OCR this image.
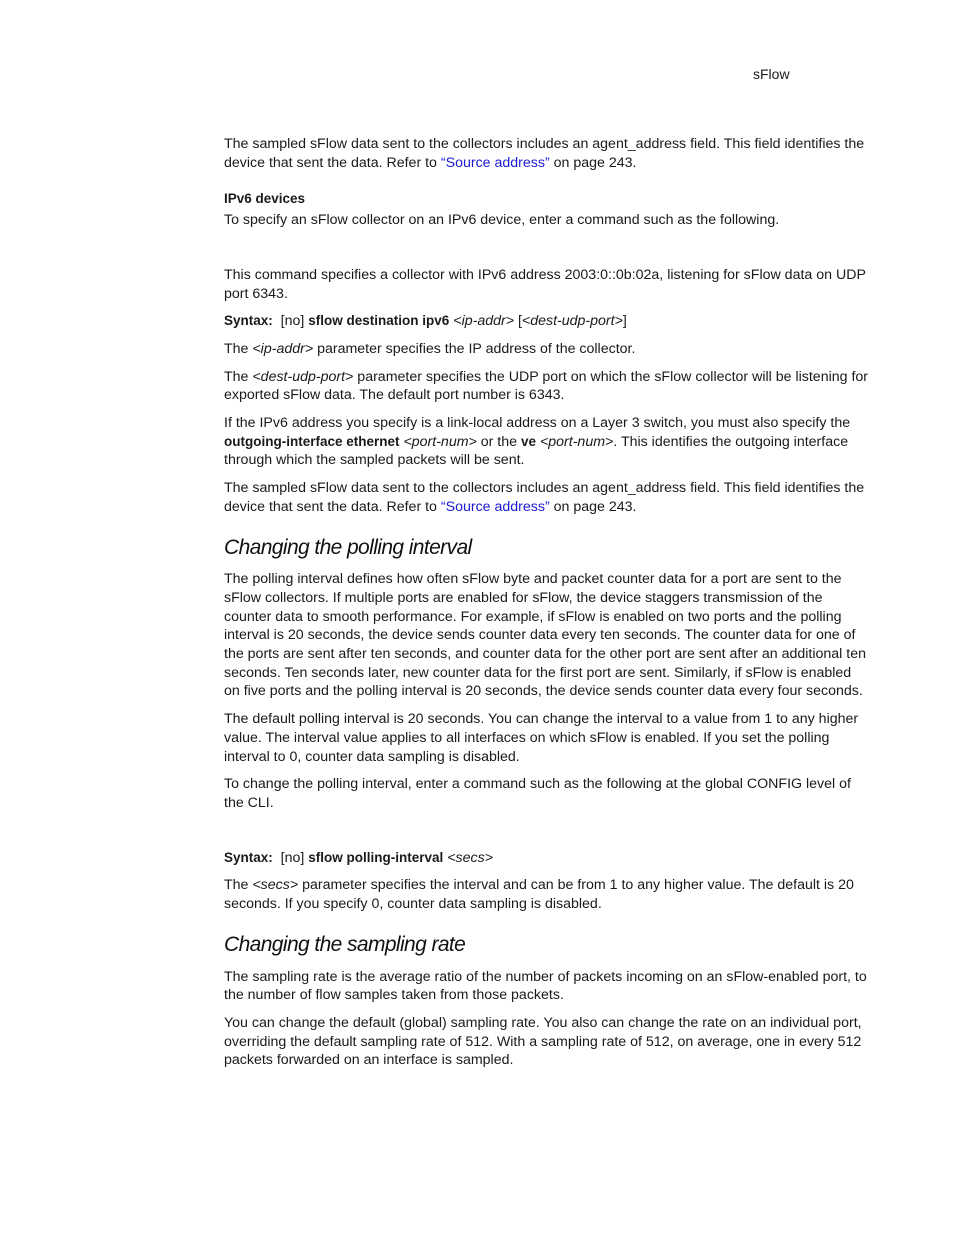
sFlow

The sampled sFlow data sent to the collectors includes an agent_address field. This field identifies the device that sent the data. Refer to “Source address” on page 243.

IPv6 devices

To specify an sFlow collector on an IPv6 device, enter a command such as the following.

This command specifies a collector with IPv6 address 2003:0::0b:02a, listening for sFlow data on UDP port 6343.

Syntax: [no] sflow destination ipv6 <ip-addr> [<dest-udp-port>]

The <ip-addr> parameter specifies the IP address of the collector.

The <dest-udp-port> parameter specifies the UDP port on which the sFlow collector will be listening for exported sFlow data. The default port number is 6343.

If the IPv6 address you specify is a link-local address on a Layer 3 switch, you must also specify the outgoing-interface ethernet <port-num> or the ve <port-num>. This identifies the outgoing interface through which the sampled packets will be sent.

The sampled sFlow data sent to the collectors includes an agent_address field. This field identifies the device that sent the data. Refer to “Source address” on page 243.

Changing the polling interval

The polling interval defines how often sFlow byte and packet counter data for a port are sent to the sFlow collectors. If multiple ports are enabled for sFlow, the device staggers transmission of the counter data to smooth performance. For example, if sFlow is enabled on two ports and the polling interval is 20 seconds, the device sends counter data every ten seconds. The counter data for one of the ports are sent after ten seconds, and counter data for the other port are sent after an additional ten seconds. Ten seconds later, new counter data for the first port are sent. Similarly, if sFlow is enabled on five ports and the polling interval is 20 seconds, the device sends counter data every four seconds.

The default polling interval is 20 seconds. You can change the interval to a value from 1 to any higher value. The interval value applies to all interfaces on which sFlow is enabled. If you set the polling interval to 0, counter data sampling is disabled.

To change the polling interval, enter a command such as the following at the global CONFIG level of the CLI.

Syntax: [no] sflow polling-interval <secs>

The <secs> parameter specifies the interval and can be from 1 to any higher value. The default is 20 seconds. If you specify 0, counter data sampling is disabled.

Changing the sampling rate

The sampling rate is the average ratio of the number of packets incoming on an sFlow-enabled port, to the number of flow samples taken from those packets.

You can change the default (global) sampling rate. You also can change the rate on an individual port, overriding the default sampling rate of 512. With a sampling rate of 512, on average, one in every 512 packets forwarded on an interface is sampled.
